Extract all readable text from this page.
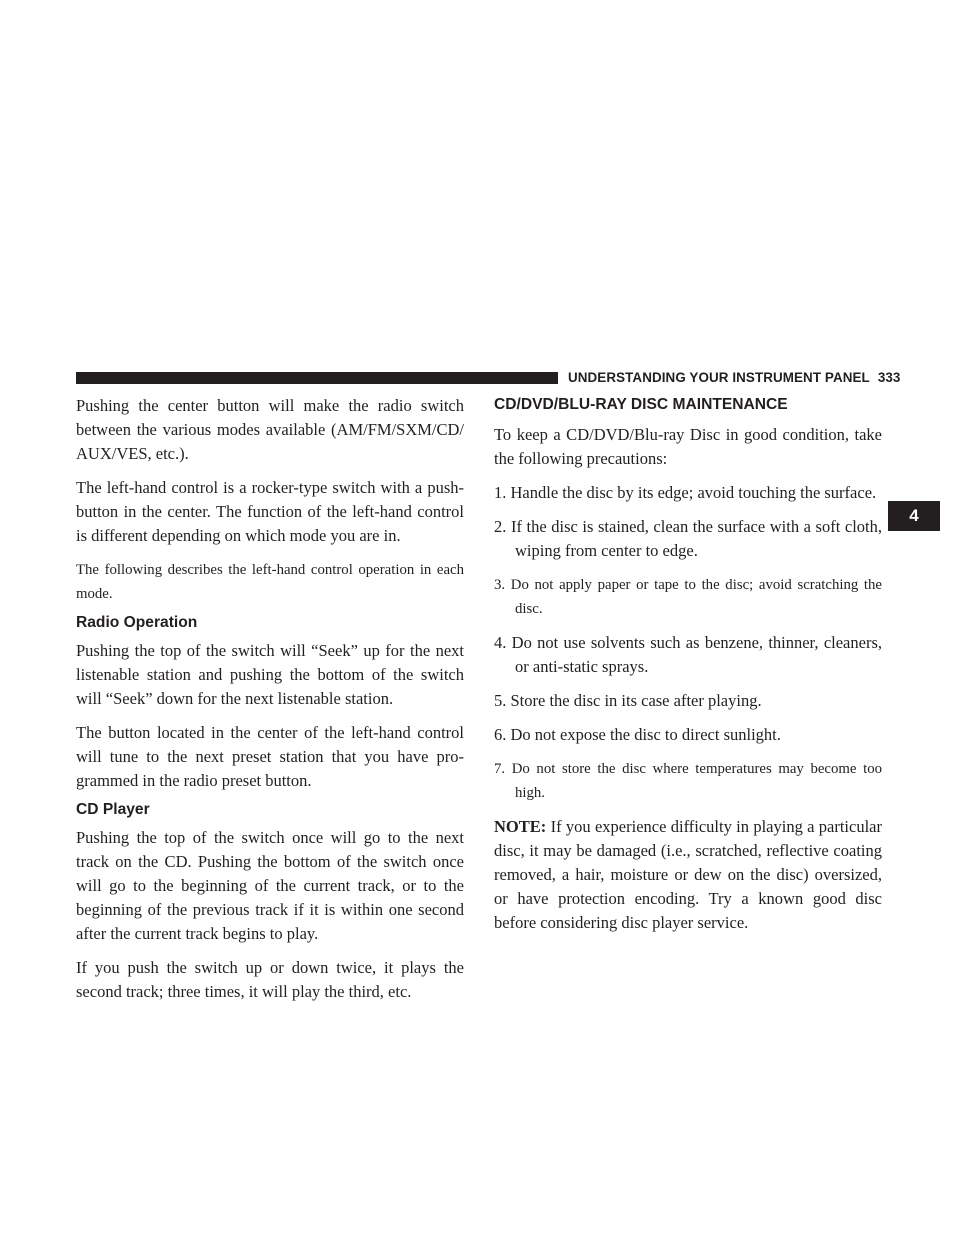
UNDERSTANDING YOUR INSTRUMENT PANEL 333
4

Pushing the center button will make the radio switch between the various modes available (AM/FM/SXM/CD/ AUX/VES, etc.).

The left-hand control is a rocker-type switch with a push-button in the center. The function of the left-hand control is different depending on which mode you are in.

The following describes the left-hand control operation in each mode.

Radio Operation

Pushing the top of the switch will “Seek” up for the next listenable station and pushing the bottom of the switch will “Seek” down for the next listenable station.

The button located in the center of the left-hand control will tune to the next preset station that you have pro-grammed in the radio preset button.

CD Player

Pushing the top of the switch once will go to the next track on the CD. Pushing the bottom of the switch once will go to the beginning of the current track, or to the beginning of the previous track if it is within one second after the current track begins to play.

If you push the switch up or down twice, it plays the second track; three times, it will play the third, etc.

CD/DVD/BLU-RAY DISC MAINTENANCE

To keep a CD/DVD/Blu-ray Disc in good condition, take the following precautions:

1. Handle the disc by its edge; avoid touching the surface.

2. If the disc is stained, clean the surface with a soft cloth, wiping from center to edge.

3. Do not apply paper or tape to the disc; avoid scratching the disc.

4. Do not use solvents such as benzene, thinner, cleaners, or anti-static sprays.

5. Store the disc in its case after playing.

6. Do not expose the disc to direct sunlight.

7. Do not store the disc where temperatures may become too high.

NOTE: If you experience difficulty in playing a particular disc, it may be damaged (i.e., scratched, reflective coating removed, a hair, moisture or dew on the disc) oversized, or have protection encoding. Try a known good disc before considering disc player service.
